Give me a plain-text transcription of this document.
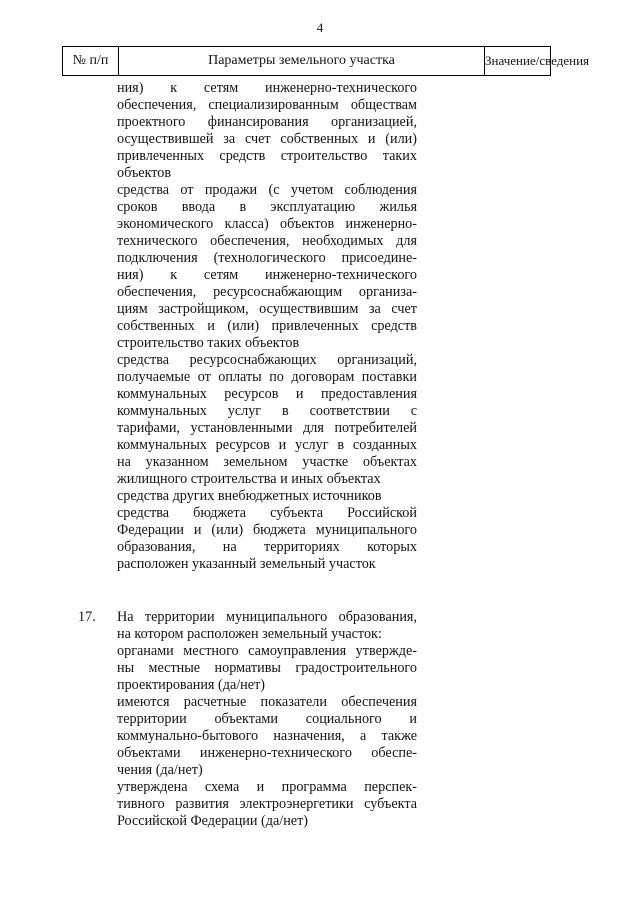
4
№ п/п	Параметры земельного участка	Значение/сведения

ния) к сетям инженерно-технического
обеспечения, специализированным обществам
проектного финансирования организацией,
осуществившей за счет собственных и (или)
привлеченных средств строительство таких
объектов

средства от продажи (с учетом соблюдения
сроков ввода в эксплуатацию жилья
экономического класса) объектов инженерно-
технического обеспечения, необходимых для
подключения (технологического присоедине-
ния) к сетям инженерно-технического
обеспечения, ресурсоснабжающим организа-
циям застройщиком, осуществившим за счет
собственных и (или) привлеченных средств
строительство таких объектов

средства ресурсоснабжающих организаций,
получаемые от оплаты по договорам поставки
коммунальных ресурсов и предоставления
коммунальных услуг в соответствии с
тарифами, установленными для потребителей
коммунальных ресурсов и услуг в созданных
на указанном земельном участке объектах
жилищного строительства и иных объектах

средства других внебюджетных источников

средства бюджета субъекта Российской
Федерации и (или) бюджета муниципального
образования, на территориях которых
расположен указанный земельный участок

17. На территории муниципального образования,
на котором расположен земельный участок:

органами местного самоуправления утвержде-
ны местные нормативы градостроительного
проектирования (да/нет)

имеются расчетные показатели обеспечения
территории объектами социального и
коммунально-бытового назначения, а также
объектами инженерно-технического обеспе-
чения (да/нет)

утверждена схема и программа перспек-
тивного развития электроэнергетики субъекта
Российской Федерации (да/нет)
